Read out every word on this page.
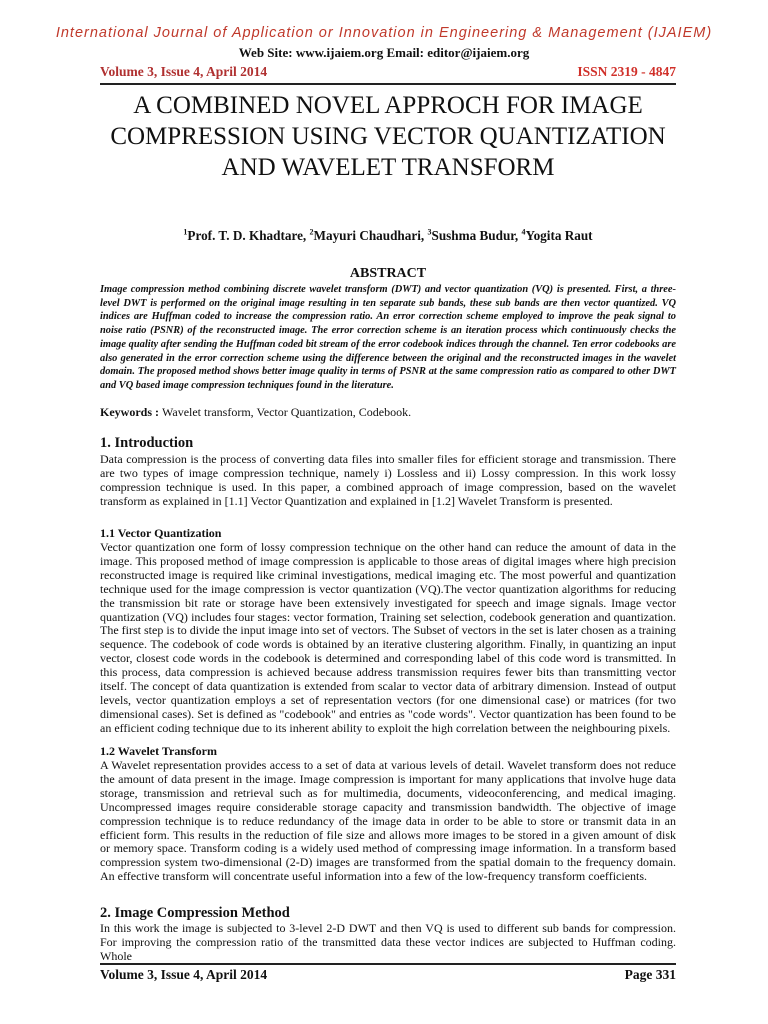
International Journal of Application or Innovation in Engineering & Management (IJAIEM)
Web Site: www.ijaiem.org Email: editor@ijaiem.org
Volume 3, Issue 4, April 2014	ISSN 2319 - 4847
A COMBINED NOVEL APPROCH FOR IMAGE COMPRESSION USING VECTOR QUANTIZATION AND WAVELET TRANSFORM
$^1$Prof. T. D. Khadtare, $^2$Mayuri Chaudhari, $^3$Sushma Budur, $^4$Yogita Raut
ABSTRACT

Image compression method combining discrete wavelet transform (DWT) and vector quantization (VQ) is presented. First, a three-level DWT is performed on the original image resulting in ten separate sub bands, these sub bands are then vector quantized. VQ indices are Huffman coded to increase the compression ratio. An error correction scheme employed to improve the peak signal to noise ratio (PSNR) of the reconstructed image. The error correction scheme is an iteration process which continuously checks the image quality after sending the Huffman coded bit stream of the error codebook indices through the channel. Ten error codebooks are also generated in the error correction scheme using the difference between the original and the reconstructed images in the wavelet domain. The proposed method shows better image quality in terms of PSNR at the same compression ratio as compared to other DWT and VQ based image compression techniques found in the literature.

Keywords : Wavelet transform, Vector Quantization, Codebook.
1. Introduction

Data compression is the process of converting data files into smaller files for efficient storage and transmission. There are two types of image compression technique, namely i) Lossless and ii) Lossy compression. In this work lossy compression technique is used. In this paper, a combined approach of image compression, based on the wavelet transform as explained in [1.1] Vector Quantization and explained in [1.2] Wavelet Transform is presented.

1.1 Vector Quantization

Vector quantization one form of lossy compression technique on the other hand can reduce the amount of data in the image. This proposed method of image compression is applicable to those areas of digital images where high precision reconstructed image is required like criminal investigations, medical imaging etc. The most powerful and quantization technique used for the image compression is vector quantization (VQ).The vector quantization algorithms for reducing the transmission bit rate or storage have been extensively investigated for speech and image signals. Image vector quantization (VQ) includes four stages: vector formation, Training set selection, codebook generation and quantization. The first step is to divide the input image into set of vectors. The Subset of vectors in the set is later chosen as a training sequence. The codebook of code words is obtained by an iterative clustering algorithm. Finally, in quantizing an input vector, closest code words in the codebook is determined and corresponding label of this code word is transmitted. In this process, data compression is achieved because address transmission requires fewer bits than transmitting vector itself. The concept of data quantization is extended from scalar to vector data of arbitrary dimension. Instead of output levels, vector quantization employs a set of representation vectors (for one dimensional case) or matrices (for two dimensional cases). Set is defined as "codebook" and entries as "code words". Vector quantization has been found to be an efficient coding technique due to its inherent ability to exploit the high correlation between the neighbouring pixels.

1.2 Wavelet Transform

A Wavelet representation provides access to a set of data at various levels of detail. Wavelet transform does not reduce the amount of data present in the image. Image compression is important for many applications that involve huge data storage, transmission and retrieval such as for multimedia, documents, videoconferencing, and medical imaging. Uncompressed images require considerable storage capacity and transmission bandwidth. The objective of image compression technique is to reduce redundancy of the image data in order to be able to store or transmit data in an efficient form. This results in the reduction of file size and allows more images to be stored in a given amount of disk or memory space. Transform coding is a widely used method of compressing image information. In a transform based compression system two-dimensional (2-D) images are transformed from the spatial domain to the frequency domain. An effective transform will concentrate useful information into a few of the low-frequency transform coefficients.

2. Image Compression Method

In this work the image is subjected to 3-level 2-D DWT and then VQ is used to different sub bands for compression. For improving the compression ratio of the transmitted data these vector indices are subjected to Huffman coding. Whole

Volume 3, Issue 4, April 2014	Page 331
